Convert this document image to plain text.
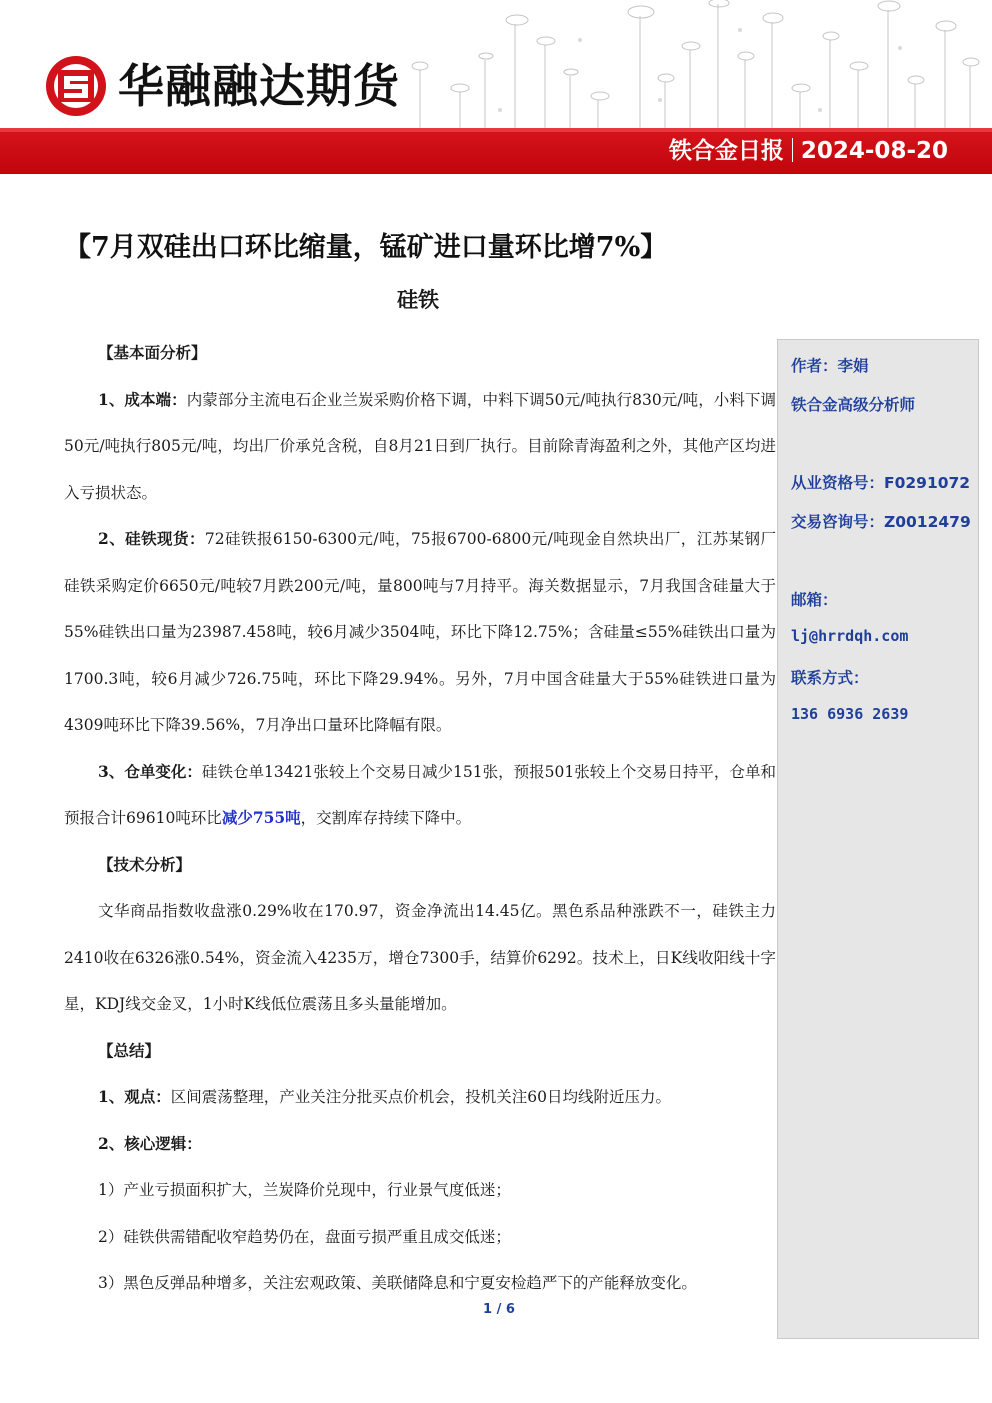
华融融达期货
铁合金日报 2024-08-20
【7月双硅出口环比缩量，锰矿进口量环比增7%】
硅铁

【基本面分析】

1、成本端：内蒙部分主流电石企业兰炭采购价格下调，中料下调50元/吨执行830元/吨，小料下调50元/吨执行805元/吨，均出厂价承兑含税，自8月21日到厂执行。目前除青海盈利之外，其他产区均进入亏损状态。

2、硅铁现货：72硅铁报6150-6300元/吨，75报6700-6800元/吨现金自然块出厂，江苏某钢厂硅铁采购定价6650元/吨较7月跌200元/吨，量800吨与7月持平。海关数据显示，7月我国含硅量大于55%硅铁出口量为23987.458吨，较6月减少3504吨，环比下降12.75%；含硅量≤55%硅铁出口量为1700.3吨，较6月减少726.75吨，环比下降29.94%。另外，7月中国含硅量大于55%硅铁进口量为4309吨环比下降39.56%，7月净出口量环比降幅有限。

3、仓单变化：硅铁仓单13421张较上个交易日减少151张，预报501张较上个交易日持平，仓单和预报合计69610吨环比减少755吨，交割库存持续下降中。

【技术分析】

文华商品指数收盘涨0.29%收在170.97，资金净流出14.45亿。黑色系品种涨跌不一，硅铁主力2410收在6326涨0.54%，资金流入4235万，增仓7300手，结算价6292。技术上，日K线收阳线十字星，KDJ线交金叉，1小时K线低位震荡且多头量能增加。

【总结】

1、观点：区间震荡整理，产业关注分批买点价机会，投机关注60日均线附近压力。

2、核心逻辑：

1）产业亏损面积扩大，兰炭降价兑现中，行业景气度低迷；

2）硅铁供需错配收窄趋势仍在，盘面亏损严重且成交低迷；

3）黑色反弹品种增多，关注宏观政策、美联储降息和宁夏安检趋严下的产能释放变化。

作者：李娟
铁合金高级分析师
从业资格号：F0291072
交易咨询号：Z0012479
邮箱：
lj@hrrdqh.com
联系方式：
136 6936 2639
1 / 6
